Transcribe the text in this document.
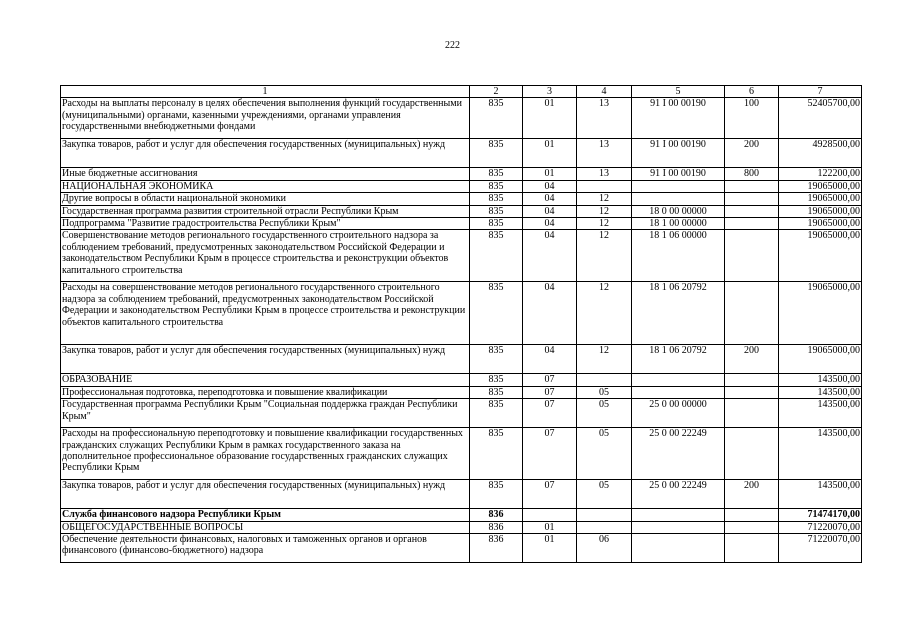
222
1	2	3	4	5	6	7
Расходы на выплаты персоналу в целях обеспечения выполнения функций государственными (муниципальными) органами, казенными учреждениями, органами управления государственными внебюджетными фондами	835	01	13	91 I 00 00190	100	52405700,00
Закупка товаров, работ и услуг для обеспечения государственных (муниципальных) нужд	835	01	13	91 I 00 00190	200	4928500,00
Иные бюджетные ассигнования	835	01	13	91 I 00 00190	800	122200,00
НАЦИОНАЛЬНАЯ ЭКОНОМИКА	835	04				19065000,00
Другие вопросы в области национальной экономики	835	04	12			19065000,00
Государственная программа развития строительной отрасли Республики Крым	835	04	12	18 0 00 00000		19065000,00
Подпрограмма "Развитие градостроительства Республики Крым"	835	04	12	18 1 00 00000		19065000,00
Совершенствование методов регионального государственного строительного надзора за соблюдением требований, предусмотренных законодательством Российской Федерации и законодательством Республики Крым в процессе строительства и реконструкции объектов капитального строительства	835	04	12	18 1 06 00000		19065000,00
Расходы на совершенствование методов регионального государственного строительного надзора за соблюдением требований, предусмотренных законодательством Российской Федерации и законодательством Республики Крым в процессе строительства и реконструкции объектов капитального строительства	835	04	12	18 1 06 20792		19065000,00
Закупка товаров, работ и услуг для обеспечения государственных (муниципальных) нужд	835	04	12	18 1 06 20792	200	19065000,00
ОБРАЗОВАНИЕ	835	07				143500,00
Профессиональная подготовка, переподготовка и повышение квалификации	835	07	05			143500,00
Государственная программа Республики Крым "Социальная поддержка граждан Республики Крым"	835	07	05	25 0 00 00000		143500,00
Расходы на профессиональную переподготовку и повышение квалификации государственных гражданских служащих Республики Крым в рамках государственного заказа на дополнительное профессиональное образование государственных гражданских служащих Республики Крым	835	07	05	25 0 00 22249		143500,00
Закупка товаров, работ и услуг для обеспечения государственных (муниципальных) нужд	835	07	05	25 0 00 22249	200	143500,00
Служба финансового надзора Республики Крым	836					71474170,00
ОБЩЕГОСУДАРСТВЕННЫЕ ВОПРОСЫ	836	01				71220070,00
Обеспечение деятельности финансовых, налоговых и таможенных органов и органов финансового (финансово-бюджетного) надзора	836	01	06			71220070,00
